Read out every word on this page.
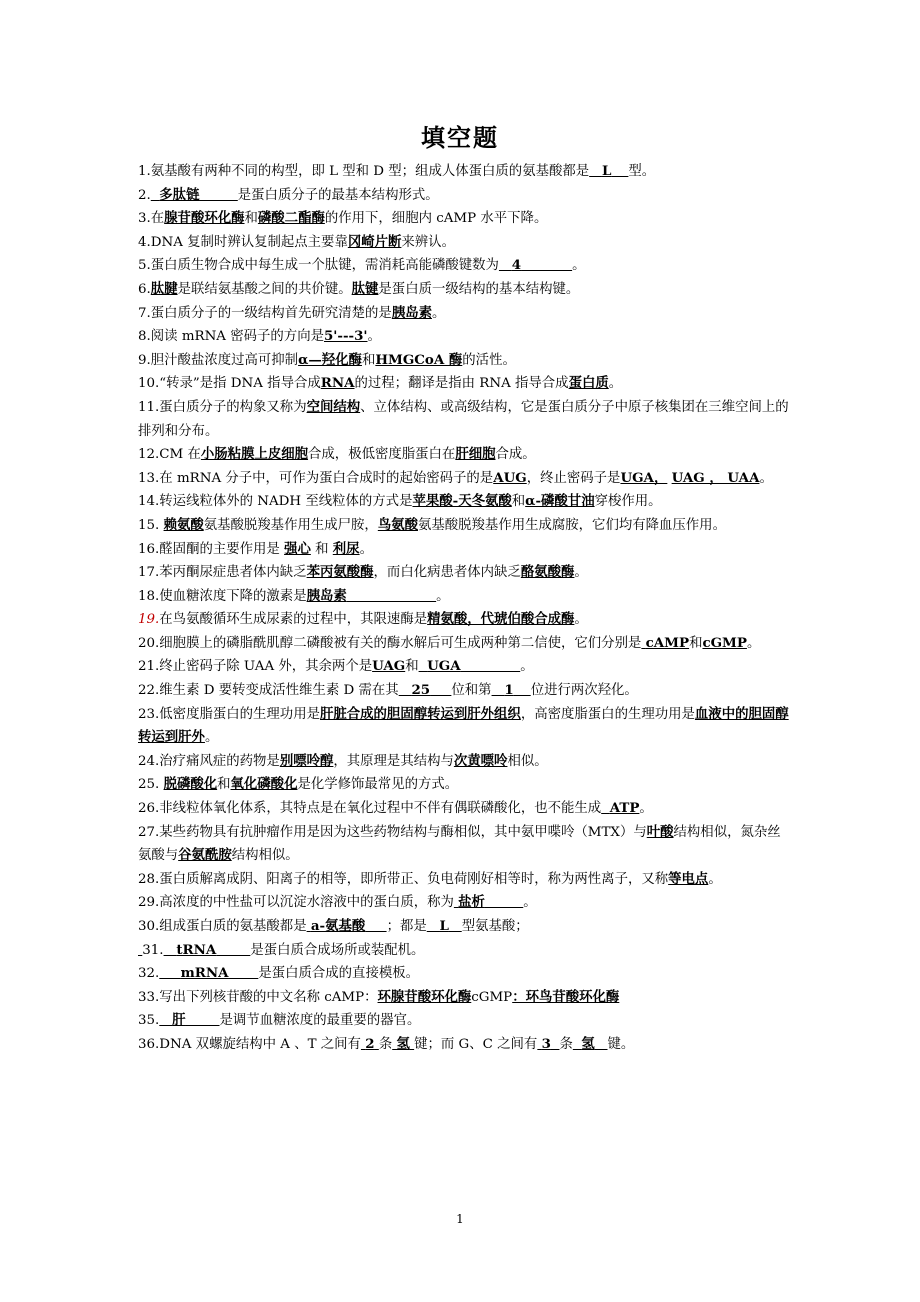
填空题

1.氨基酸有两种不同的构型，即 L 型和 D 型；组成人体蛋白质的氨基酸都是 L 型。

2. 多肽链	是蛋白质分子的最基本结构形式。

3.在腺苷酸环化酶和磷酸二酯酶的作用下，细胞内 cAMP 水平下降。

4.DNA 复制时辨认复制起点主要靠冈崎片断来辨认。

5.蛋白质生物合成中每生成一个肽键，需消耗高能磷酸键数为 4	。

6.肽腱是联结氨基酸之间的共价键。肽键是蛋白质一级结构的基本结构键。

7.蛋白质分子的一级结构首先研究清楚的是胰岛素。

8.阅读 mRNA 密码子的方向是5'---3'。

9.胆汁酸盐浓度过高可抑制α—羟化酶和HMGCoA 酶的活性。

10.“转录”是指 DNA 指导合成RNA的过程；翻译是指由 RNA 指导合成蛋白质。

11.蛋白质分子的构象又称为空间结构、立体结构、或高级结构，它是蛋白质分子中原子核集团在三维空间上的排列和分布。

12.CM 在小肠粘膜上皮细胞合成，极低密度脂蛋白在肝细胞合成。

13.在 mRNA 分子中，可作为蛋白合成时的起始密码子的是AUG，终止密码子是UGA， UAG ， UAA。

14.转运线粒体外的 NADH 至线粒体的方式是苹果酸-天冬氨酸和α-磷酸甘油穿梭作用。

15. 赖氨酸氨基酸脱羧基作用生成尸胺，鸟氨酸氨基酸脱羧基作用生成腐胺，它们均有降血压作用。

16.醛固酮的主要作用是 强心 和 利尿。

17.苯丙酮尿症患者体内缺乏苯丙氨酸酶，而白化病患者体内缺乏酪氨酸酶。

18.使血糖浓度下降的激素是胰岛素	。

19.在鸟氨酸循环生成尿素的过程中，其限速酶是精氨酸，代琥伯酸合成酶。

20.细胞膜上的磷脂酰肌醇二磷酸被有关的酶水解后可生成两种第二信使，它们分别是 cAMP和cGMP。

21.终止密码子除 UAA 外，其余两个是UAG和 UGA	。

22.维生素 D 要转变成活性维生素 D 需在其 25 位和第 1 位进行两次羟化。

23.低密度脂蛋白的生理功用是肝脏合成的胆固醇转运到肝外组织，高密度脂蛋白的生理功用是血液中的胆固醇转运到肝外。

24.治疗痛风症的药物是别嘌呤醇，其原理是其结构与次黄嘌呤相似。

25. 脱磷酸化和氧化磷酸化是化学修饰最常见的方式。

26.非线粒体氧化体系，其特点是在氧化过程中不伴有偶联磷酸化，也不能生成 ATP。

27.某些药物具有抗肿瘤作用是因为这些药物结构与酶相似，其中氨甲喋呤（MTX）与叶酸结构相似，氮杂丝氨酸与谷氨酰胺结构相似。

28.蛋白质解离成阴、阳离子的相等，即所带正、负电荷刚好相等时，称为两性离子，又称等电点。

29.高浓度的中性盐可以沉淀水溶液中的蛋白质，称为 盐析	。

30.组成蛋白质的氨基酸都是 a-氨基酸 ；都是 L 型氨基酸；

31. tRNA	是蛋白质合成场所或装配机。

32. mRNA 是蛋白质合成的直接模板。

33.写出下列核苷酸的中文名称 cAMP：环腺苷酸环化酶cGMP：环鸟苷酸环化酶

35. 肝	是调节血糖浓度的最重要的器官。

36.DNA 双螺旋结构中 A 、T 之间有 2 条 氢 键；而 G、C 之间有 3 条 氢 键。

1
